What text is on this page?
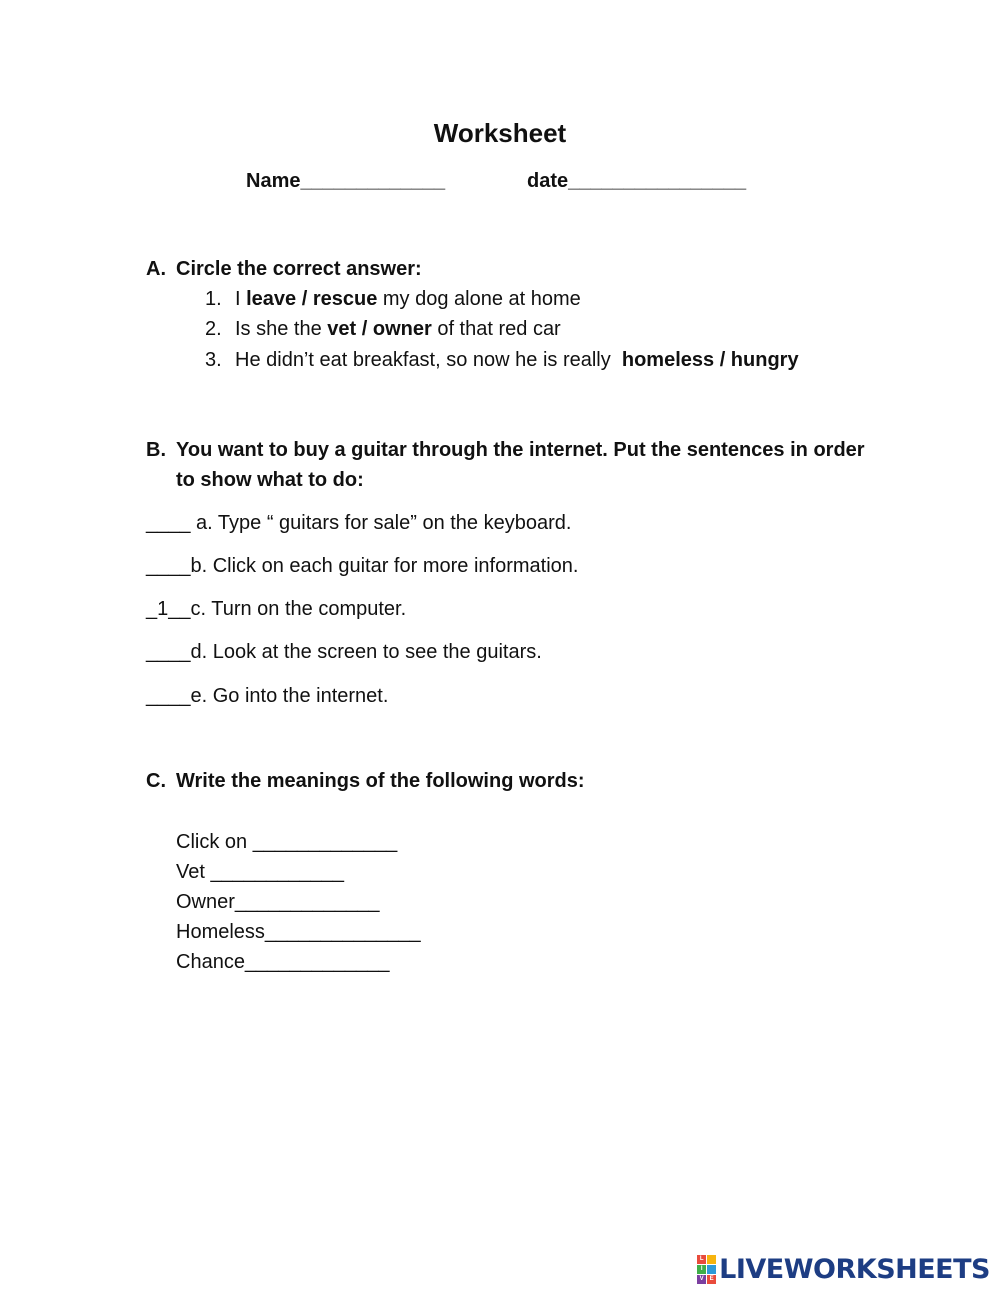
Worksheet
Name_____________	date________________
A. Circle the correct answer:
1. I leave / rescue my dog alone at home
2. Is she the vet / owner of that red car
3. He didn’t eat breakfast, so now he is really  homeless / hungry
B. You want to buy a guitar through the internet. Put the sentences in order
to show what to do:
____ a. Type “ guitars for sale” on the keyboard.
____b. Click on each guitar for more information.
_1__c. Turn on the computer.
____d. Look at the screen to see the guitars.
____e. Go into the internet.
C. Write the meanings of the following words:
Click on _____________
Vet ____________
Owner_____________
Homeless______________
Chance_____________
L
I
V E LIVEWORKSHEETS
